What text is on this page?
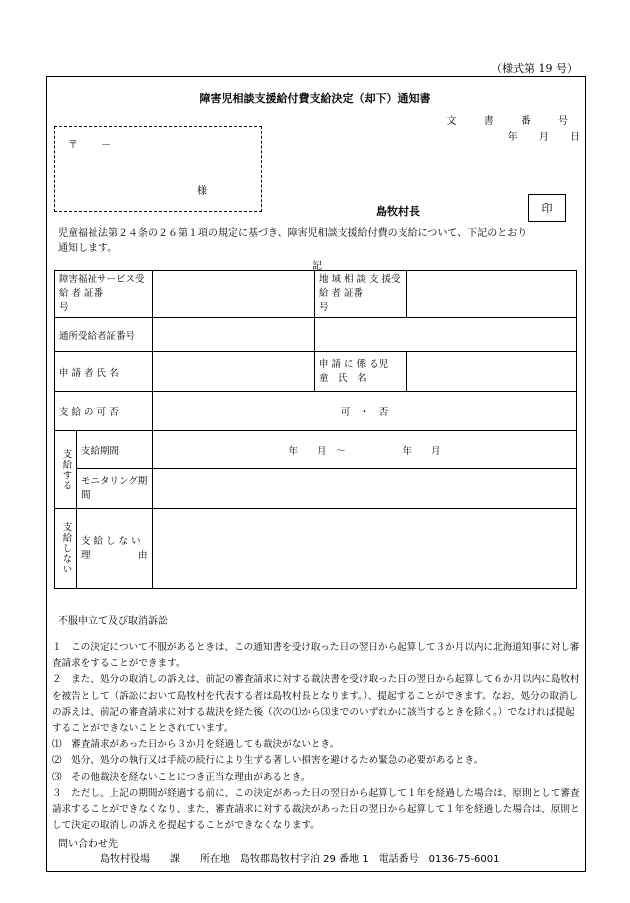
（様式第 19 号）
障害児相談支援給付費支給決定（却下）通知書
文 書 番 号
年 月 日
〒 　　－
様
島牧村長	印
児童福祉法第２４条の２６第１項の規定に基づき、障害児相談支援給付費の支給について、下記のとおり通知します。
記
障害福祉サービス受 給 者 証番　　　　　号			地 域 相 談 支 援受 給 者 証番　　　　　号	

通所受給者証番号			

申 請 者 氏 名			申 請 に 係 る児　童　氏　名	
支 給 の 可 否		可　・　否		
支給する	支給期間	年　　月　～　　　　　　年　　月		
	モニタリング期間			
支給しない	支 給 し な い理　　　　　由			
不服申立て及び取消訴訟

１　この決定について不服があるときは、この通知書を受け取った日の翌日から起算して３か月以内に北海道知事に対し審査請求をすることができます。

２　また、処分の取消しの訴えは、前記の審査請求に対する裁決書を受け取った日の翌日から起算して６か月以内に島牧村を被告として（訴訟において島牧村を代表する者は島牧村長となります。）、提起することができます。なお、処分の取消しの訴えは、前記の審査請求に対する裁決を経た後（次の⑴から⑶までのいずれかに該当するときを除く。）でなければ提起することができないこととされています。

⑴　審査請求があった日から３か月を経過しても裁決がないとき。

⑵　処分、処分の執行又は手続の続行により生ずる著しい損害を避けるため緊急の必要があるとき。

⑶　その他裁決を経ないことにつき正当な理由があるとき。

３　ただし、上記の期間が経過する前に、この決定があった日の翌日から起算して１年を経過した場合は、原則として審査請求することができなくなり、また、審査請求に対する裁決があった日の翌日から起算して１年を経過した場合は、原則として決定の取消しの訴えを提起することができなくなります。

問い合わせ先
島牧村役場　　課　　所在地　島牧郡島牧村字泊 29 番地 1　電話番号　0136-75-6001
